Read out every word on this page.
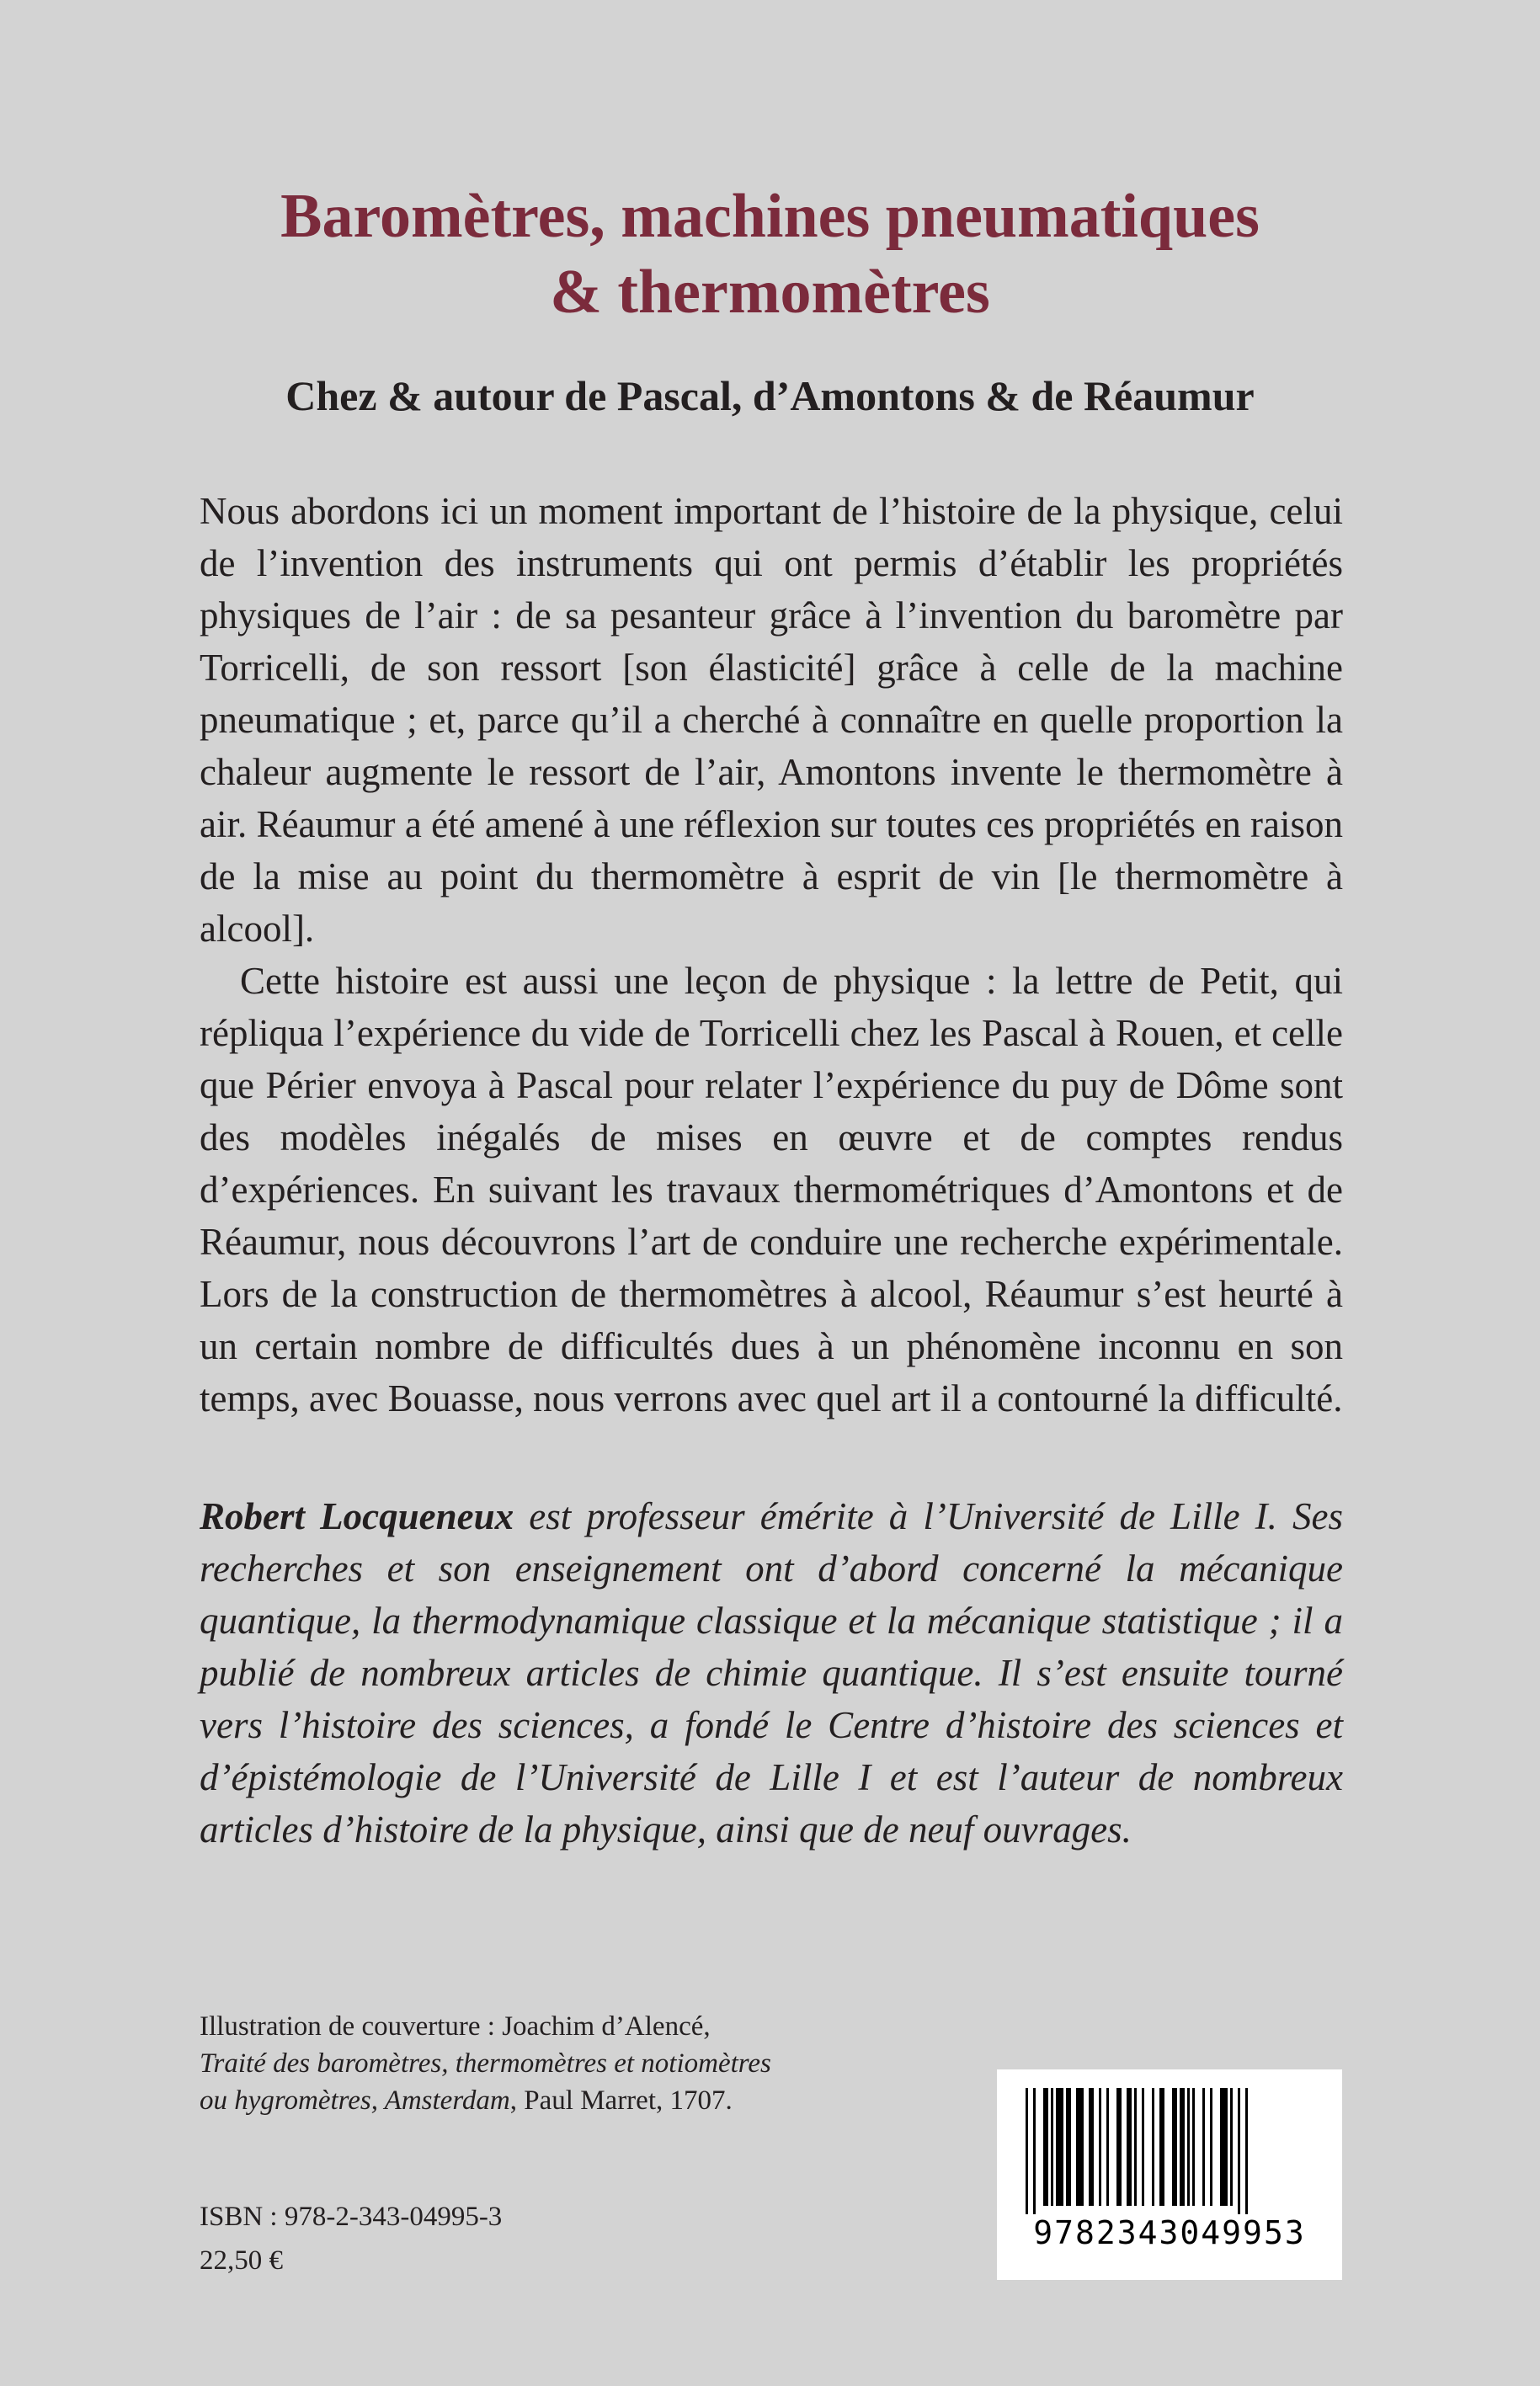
Baromètres, machines pneumatiques
& thermomètres
Chez & autour de Pascal, d’Amontons & de Réaumur

Nous abordons ici un moment important de l’histoire de la physique, celui de l’invention des instruments qui ont permis d’établir les propriétés physiques de l’air : de sa pesanteur grâce à l’invention du baromètre par Torricelli, de son ressort [son élasticité] grâce à celle de la machine pneumatique ; et, parce qu’il a cherché à connaître en quelle proportion la chaleur augmente le ressort de l’air, Amontons invente le thermomètre à air. Réaumur a été amené à une réflexion sur toutes ces propriétés en raison de la mise au point du thermomètre à esprit de vin [le thermomètre à alcool].

Cette histoire est aussi une leçon de physique : la lettre de Petit, qui répliqua l’expérience du vide de Torricelli chez les Pascal à Rouen, et celle que Périer envoya à Pascal pour relater l’expérience du puy de Dôme sont des modèles inégalés de mises en œuvre et de comptes rendus d’expériences. En suivant les travaux thermométriques d’Amontons et de Réaumur, nous découvrons l’art de conduire une recherche expérimentale. Lors de la construction de thermomètres à alcool, Réaumur s’est heurté à un certain nombre de difficultés dues à un phénomène inconnu en son temps, avec Bouasse, nous verrons avec quel art il a contourné la difficulté.

Robert Locqueneux est professeur émérite à l’Université de Lille I. Ses recherches et son enseignement ont d’abord concerné la mécanique quantique, la thermodynamique classique et la mécanique statistique ; il a publié de nombreux articles de chimie quantique. Il s’est ensuite tourné vers l’histoire des sciences, a fondé le Centre d’histoire des sciences et d’épistémologie de l’Université de Lille I et est l’auteur de nombreux articles d’histoire de la physique, ainsi que de neuf ouvrages.

Illustration de couverture : Joachim d’Alencé,
Traité des baromètres, thermomètres et notiomètres
ou hygromètres, Amsterdam, Paul Marret, 1707.

ISBN : 978-2-343-04995-3
22,50 €
9782343049953
